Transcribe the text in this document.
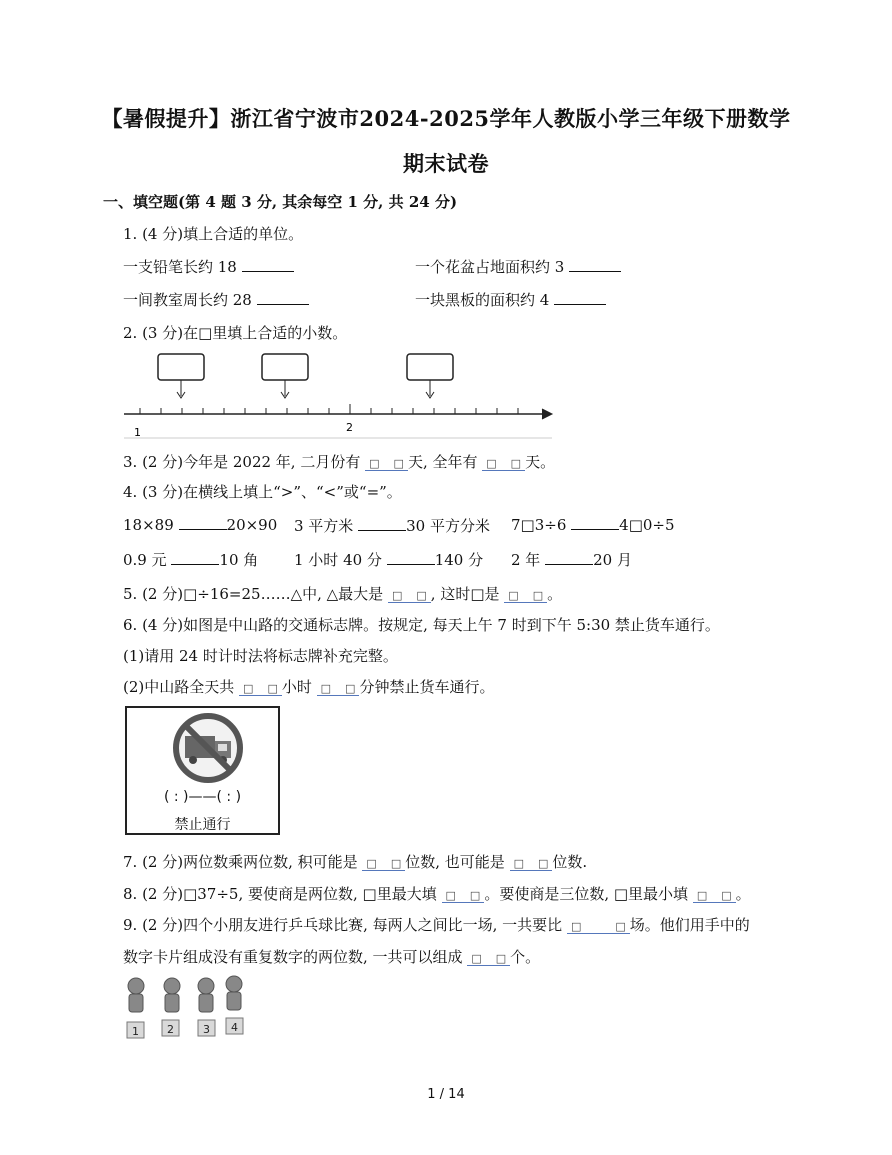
【暑假提升】浙江省宁波市2024-2025学年人教版小学三年级下册数学
期末试卷
一、填空题(第 4 题 3 分, 其余每空 1 分, 共 24 分)
1. (4 分)填上合适的单位。
一支铅笔长约 18	一个花盆占地面积约 3
一间教室周长约 28	一块黑板的面积约 4
2. (3 分)在□里填上合适的小数。
1	2
3. (2 分)今年是 2022 年, 二月份有 □ □ 天, 全年有 □ □ 天。
4. (3 分)在横线上填上“>”、“<”或“=”。
18×89	20×90 3 平方米	30 平方分米 7□3÷6	4□0÷5
0.9 元	10 角 1 小时 40 分	140 分 2 年	20 月
5. (2 分)□÷16=25……△中, △最大是 □ □ , 这时□是 □ □ 。
6. (4 分)如图是中山路的交通标志牌。按规定, 每天上午 7 时到下午 5:30 禁止货车通行。
(1)请用 24 时计时法将标志牌补充完整。
(2)中山路全天共 □ □ 小时 □ □ 分钟禁止货车通行。
( : )——( : )
禁止通行
7. (2 分)两位数乘两位数, 积可能是 □ □ 位数, 也可能是 □ □ 位数.
8. (2 分)□37÷5, 要使商是两位数, □里最大填 □ □ 。要使商是三位数, □里最小填 □ □ 。
9. (2 分)四个小朋友进行乒乓球比赛, 每两人之间比一场, 一共要比 □	□ 场。他们用手中的
数字卡片组成没有重复数字的两位数, 一共可以组成 □ □ 个。
1	2	3 4
1 / 14
